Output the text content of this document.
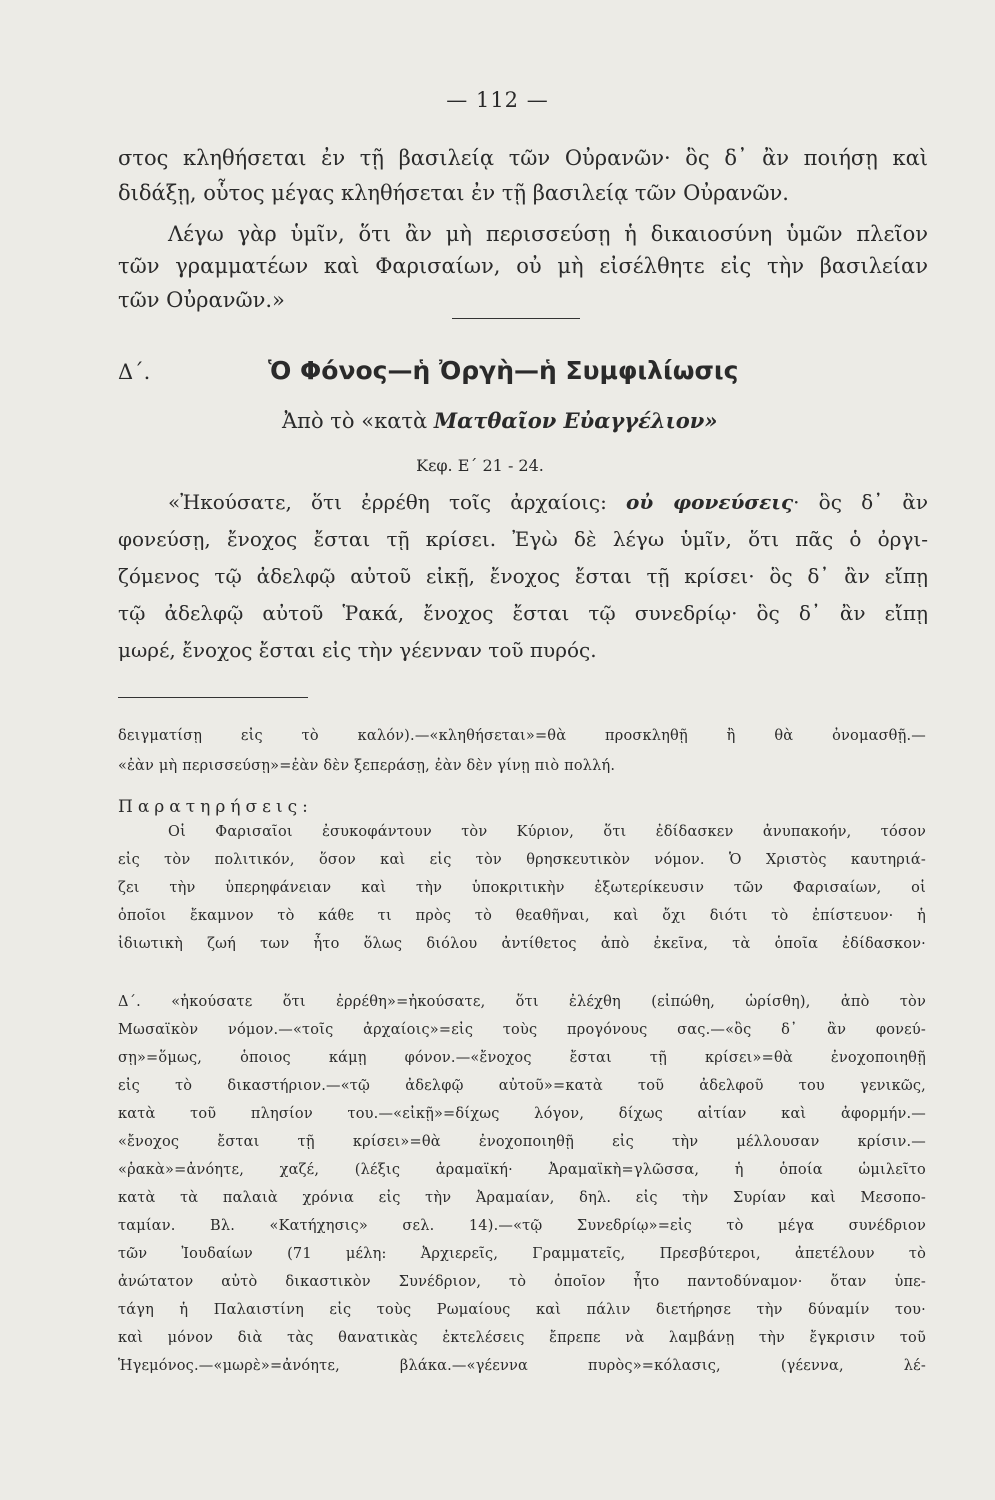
— 112 —
στος κληθήσεται ἐν τῇ βασιλείᾳ τῶν Οὐρανῶν· ὃς δ᾽ ἂν ποιήσῃ καὶ
διδάξῃ, οὗτος μέγας κληθήσεται ἐν τῇ βασιλείᾳ τῶν Οὐρανῶν.
Λέγω γὰρ ὑμῖν, ὅτι ἂν μὴ περισσεύσῃ ἡ δικαιοσύνη ὑμῶν πλεῖον
τῶν γραμματέων καὶ Φαρισαίων, οὐ μὴ εἰσέλθητε εἰς τὴν βασιλείαν
τῶν Οὐρανῶν.»
Δ΄.	Ὁ Φόνος—ἡ Ὀργὴ—ἡ Συμφιλίωσις
Ἀπὸ τὸ «κατὰ Ματθαῖον Εὐαγγέλιον»
Κεφ. Ε΄ 21 - 24.
«Ἠκούσατε, ὅτι ἐρρέθη τοῖς ἀρχαίοις: οὐ φονεύσεις· ὃς δ᾽ ἂν
φονεύσῃ, ἔνοχος ἔσται τῇ κρίσει. Ἐγὼ δὲ λέγω ὑμῖν, ὅτι πᾶς ὁ ὀργι-
ζόμενος τῷ ἀδελφῷ αὐτοῦ εἰκῇ, ἔνοχος ἔσται τῇ κρίσει· ὃς δ᾽ ἂν εἴπῃ
τῷ ἀδελφῷ αὐτοῦ Ῥακά, ἔνοχος ἔσται τῷ συνεδρίῳ· ὃς δ᾽ ἂν εἴπῃ
μωρέ, ἔνοχος ἔσται εἰς τὴν γέενναν τοῦ πυρός.
δειγματίσῃ εἰς τὸ καλόν).—«κληθήσεται»=θὰ προσκληθῇ ἢ θὰ ὀνομασθῇ.—
«ἐὰν μὴ περισσεύσῃ»=ἐὰν δὲν ξεπεράσῃ, ἐὰν δὲν γίνῃ πιὸ πολλή.
Παρατηρήσεις:
Οἱ Φαρισαῖοι ἐσυκοφάντουν τὸν Κύριον, ὅτι ἐδίδασκεν ἀνυπακοήν, τόσον
εἰς τὸν πολιτικόν, ὅσον καὶ εἰς τὸν θρησκευτικὸν νόμον. Ὁ Χριστὸς καυτηριά-
ζει τὴν ὑπερηφάνειαν καὶ τὴν ὑποκριτικὴν ἐξωτερίκευσιν τῶν Φαρισαίων, οἱ
ὁποῖοι ἔκαμνον τὸ κάθε τι πρὸς τὸ θεαθῆναι, καὶ ὄχι διότι τὸ ἐπίστευον· ἡ
ἰδιωτικὴ ζωή των ἦτο ὅλως διόλου ἀντίθετος ἀπὸ ἐκεῖνα, τὰ ὁποῖα ἐδίδασκον·
Δ΄. «ἠκούσατε ὅτι ἐρρέθη»=ἠκούσατε, ὅτι ἐλέχθη (εἰπώθη, ὡρίσθη), ἀπὸ τὸν
Μωσαϊκὸν νόμον.—«τοῖς ἀρχαίοις»=εἰς τοὺς προγόνους σας.—«ὃς δ᾽ ἂν φονεύ-
σῃ»=ὅμως, ὁποιος κάμῃ φόνον.—«ἔνοχος ἔσται τῇ κρίσει»=θὰ ἐνοχοποιηθῇ
εἰς τὸ δικαστήριον.—«τῷ ἀδελφῷ αὐτοῦ»=κατὰ τοῦ ἀδελφοῦ του γενικῶς,
κατὰ τοῦ πλησίον του.—«εἰκῇ»=δίχως λόγον, δίχως αἰτίαν καὶ ἀφορμήν.—
«ἔνοχος ἔσται τῇ κρίσει»=θὰ ἐνοχοποιηθῇ εἰς τὴν μέλλουσαν κρίσιν.—
«ῥακὰ»=ἀνόητε, χαζέ, (λέξις ἀραμαϊκή· Ἀραμαϊκὴ=γλῶσσα, ἡ ὁποία ὡμιλεῖτο
κατὰ τὰ παλαιὰ χρόνια εἰς τὴν Ἀραμαίαν, δηλ. εἰς τὴν Συρίαν καὶ Μεσοπο-
ταμίαν. Βλ. «Κατήχησις» σελ. 14).—«τῷ Συνεδρίῳ»=εἰς τὸ μέγα συνέδριον
τῶν Ἰουδαίων (71 μέλη: Ἀρχιερεῖς, Γραμματεῖς, Πρεσβύτεροι, ἀπετέλουν τὸ
ἀνώτατον αὐτὸ δικαστικὸν Συνέδριον, τὸ ὁποῖον ἦτο παντοδύναμον· ὅταν ὑπε-
τάγη ἡ Παλαιστίνη εἰς τοὺς Ρωμαίους καὶ πάλιν διετήρησε τὴν δύναμίν του·
καὶ μόνον διὰ τὰς θανατικὰς ἐκτελέσεις ἔπρεπε νὰ λαμβάνῃ τὴν ἔγκρισιν τοῦ
Ἡγεμόνος.—«μωρὲ»=ἀνόητε, βλάκα.—«γέεννα πυρὸς»=κόλασις, (γέεννα, λέ-
